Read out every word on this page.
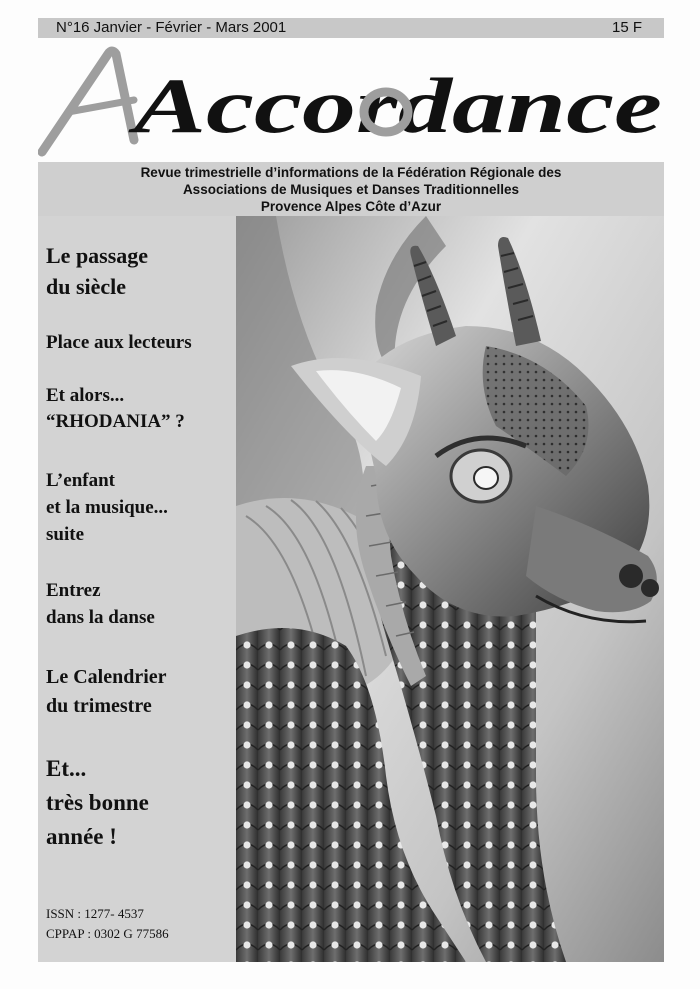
N°16 Janvier - Février - Mars 2001	15 F
Accordance
Revue trimestrielle d’informations de la Fédération Régionale des
Associations de Musiques et Danses Traditionnelles
Provence Alpes Côte d’Azur
Le passage
du siècle
Place aux lecteurs
Et alors...
“RHODANIA” ?
L’enfant
et la musique...
suite
Entrez
dans la danse
Le Calendrier
du trimestre
Et...
très bonne
année !
ISSN : 1277- 4537
CPPAP : 0302 G 77586
